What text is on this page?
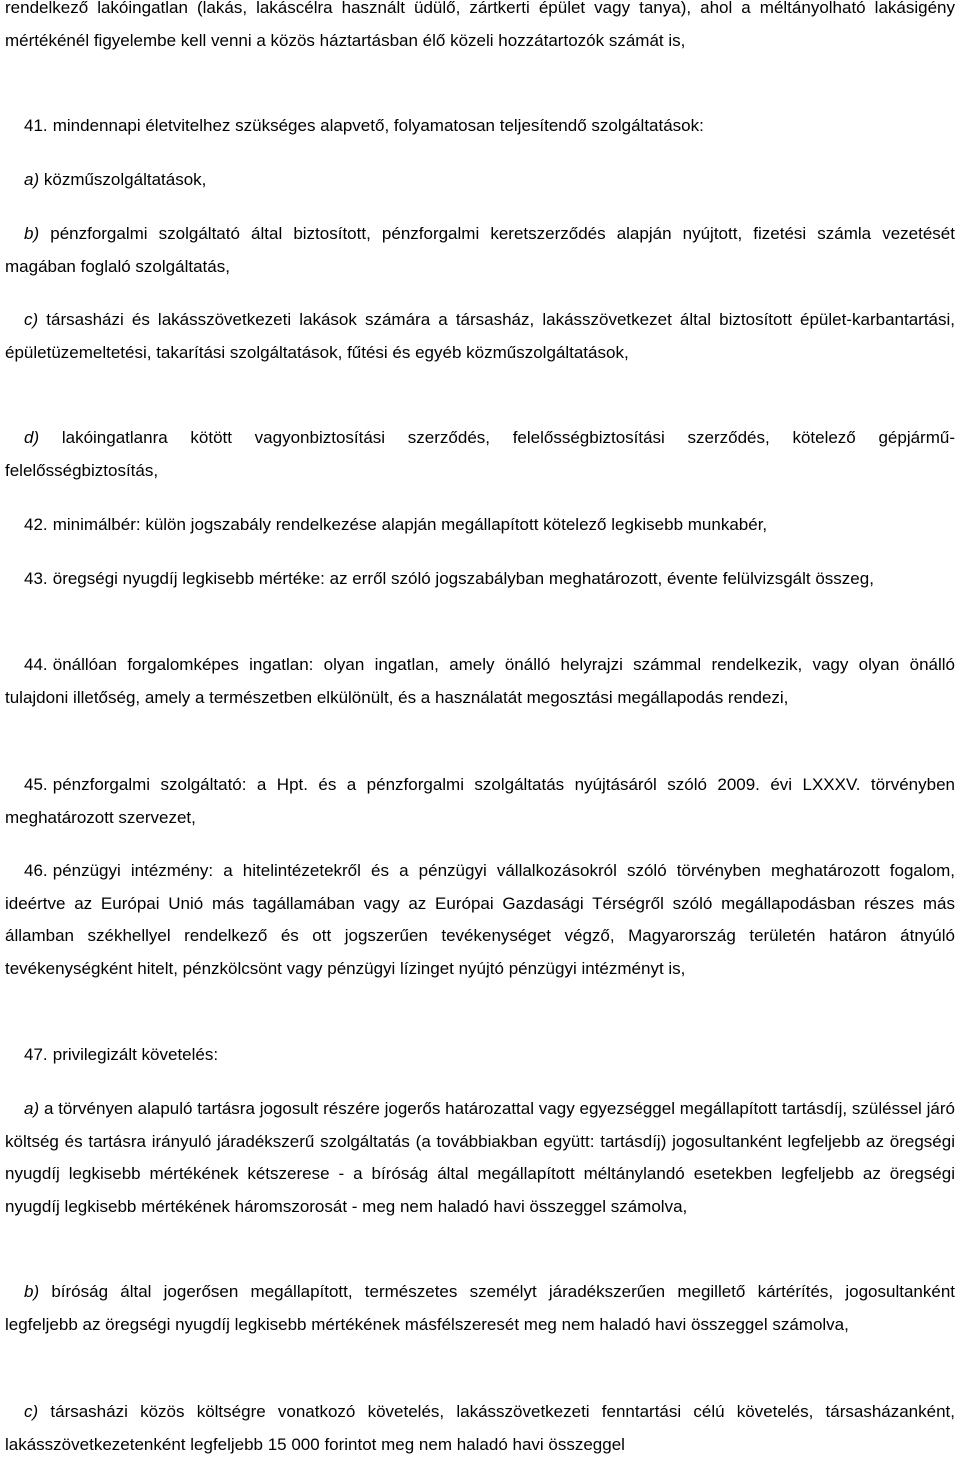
rendelkező lakóingatlan (lakás, lakáscélra használt üdülő, zártkerti épület vagy tanya), ahol a méltányolható lakásigény mértékénél figyelembe kell venni a közös háztartásban élő közeli hozzátartozók számát is,

41. mindennapi életvitelhez szükséges alapvető, folyamatosan teljesítendő szolgáltatások:

a) közműszolgáltatások,

b) pénzforgalmi szolgáltató által biztosított, pénzforgalmi keretszerződés alapján nyújtott, fizetési számla vezetését magában foglaló szolgáltatás,

c) társasházi és lakásszövetkezeti lakások számára a társasház, lakásszövetkezet által biztosított épület-karbantartási, épületüzemeltetési, takarítási szolgáltatások, fűtési és egyéb közműszolgáltatások,

d) lakóingatlanra kötött vagyonbiztosítási szerződés, felelősségbiztosítási szerződés, kötelező gépjármű-felelősségbiztosítás,

42. minimálbér: külön jogszabály rendelkezése alapján megállapított kötelező legkisebb munkabér,

43. öregségi nyugdíj legkisebb mértéke: az erről szóló jogszabályban meghatározott, évente felülvizsgált összeg,

44. önállóan forgalomképes ingatlan: olyan ingatlan, amely önálló helyrajzi számmal rendelkezik, vagy olyan önálló tulajdoni illetőség, amely a természetben elkülönült, és a használatát megosztási megállapodás rendezi,

45. pénzforgalmi szolgáltató: a Hpt. és a pénzforgalmi szolgáltatás nyújtásáról szóló 2009. évi LXXXV. törvényben meghatározott szervezet,

46. pénzügyi intézmény: a hitelintézetekről és a pénzügyi vállalkozásokról szóló törvényben meghatározott fogalom, ideértve az Európai Unió más tagállamában vagy az Európai Gazdasági Térségről szóló megállapodásban részes más államban székhellyel rendelkező és ott jogszerűen tevékenységet végző, Magyarország területén határon átnyúló tevékenységként hitelt, pénzkölcsönt vagy pénzügyi lízinget nyújtó pénzügyi intézményt is,

47. privilegizált követelés:

a) a törvényen alapuló tartásra jogosult részére jogerős határozattal vagy egyezséggel megállapított tartásdíj, szüléssel járó költség és tartásra irányuló járadékszerű szolgáltatás (a továbbiakban együtt: tartásdíj) jogosultanként legfeljebb az öregségi nyugdíj legkisebb mértékének kétszerese - a bíróság által megállapított méltánylandó esetekben legfeljebb az öregségi nyugdíj legkisebb mértékének háromszorosát - meg nem haladó havi összeggel számolva,

b) bíróság által jogerősen megállapított, természetes személyt járadékszerűen megillető kártérítés, jogosultanként legfeljebb az öregségi nyugdíj legkisebb mértékének másfélszeresét meg nem haladó havi összeggel számolva,

c) társasházi közös költségre vonatkozó követelés, lakásszövetkezeti fenntartási célú követelés, társasházanként, lakásszövetkezetenként legfeljebb 15 000 forintot meg nem haladó havi összeggel
